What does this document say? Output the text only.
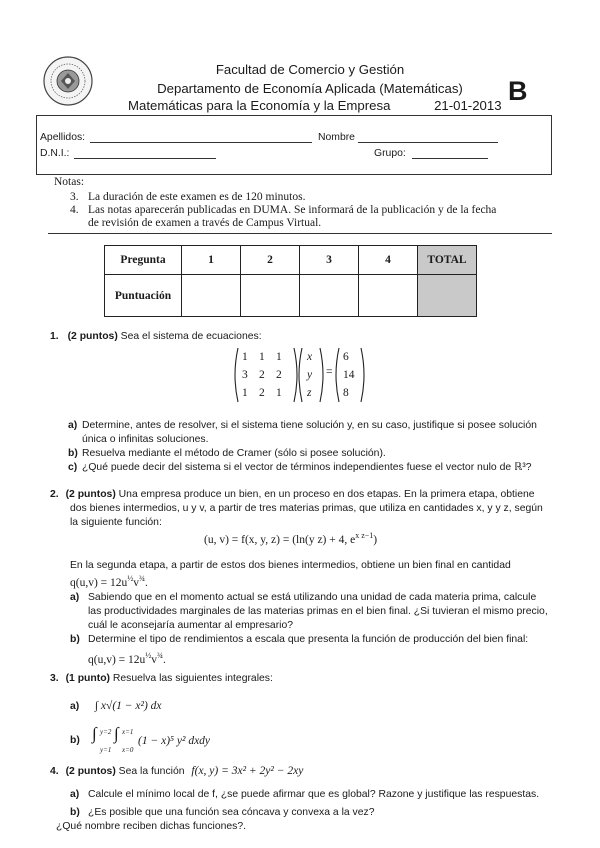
Facultad de Comercio y Gestión
Departamento de Economía Aplicada (Matemáticas)
Matemáticas para la Economía y la Empresa	21-01-2013 B
Apellidos:	Nombre
D.N.I.:	Grupo:
Notas:
3. La duración de este examen es de 120 minutos.
4. Las notas aparecerán publicadas en DUMA. Se informará de la publicación y de la fecha
de revisión de examen a través de Campus Virtual.
Pregunta	1	2	3	4	TOTAL
Puntuación					
1. (2 puntos) Sea el sistema de ecuaciones:
1 1 1
3 2 2
1 2 1
x
y
z
=
6
14
8
a) Determine, antes de resolver, si el sistema tiene solución y, en su caso, justifique si posee solución
única o infinitas soluciones.
b) Resuelva mediante el método de Cramer (sólo si posee solución).
c) ¿Qué puede decir del sistema si el vector de términos independientes fuese el vector nulo de ℝ³?
2. (2 puntos) Una empresa produce un bien, en un proceso en dos etapas. En la primera etapa, obtiene
dos bienes intermedios, u y v, a partir de tres materias primas, que utiliza en cantidades x, y y z, según
la siguiente función:
(u, v) = f(x, y, z) = (ln(y z) + 4, $e^{x z-1}$)
En la segunda etapa, a partir de estos dos bienes intermedios, obtiene un bien final en cantidad
$q(u,v) = 12u^{\frac{1}{2}}v^{\frac{3}{4}}$.
a) Sabiendo que en el momento actual se está utilizando una unidad de cada materia prima, calcule
las productividades marginales de las materias primas en el bien final. ¿Si tuvieran el mismo precio,
cuál le aconsejaría aumentar al empresario?
b) Determine el tipo de rendimientos a escala que presenta la función de producción del bien final:
$q(u,v) = 12u^{\frac{1}{2}}v^{\frac{3}{4}}$.
3. (1 punto) Resuelva las siguientes integrales:
a) ∫ x√(1 − x²) dx
b) ∫ y=2
y=1
∫ x=1
x=0
(1 − x)⁵ y² dxdy
4. (2 puntos) Sea la función f(x, y) = 3x² + 2y² − 2xy
a) Calcule el mínimo local de f, ¿se puede afirmar que es global? Razone y justifique las respuestas.
b) ¿Es posible que una función sea cóncava y convexa a la vez?
¿Qué nombre reciben dichas funciones?.
